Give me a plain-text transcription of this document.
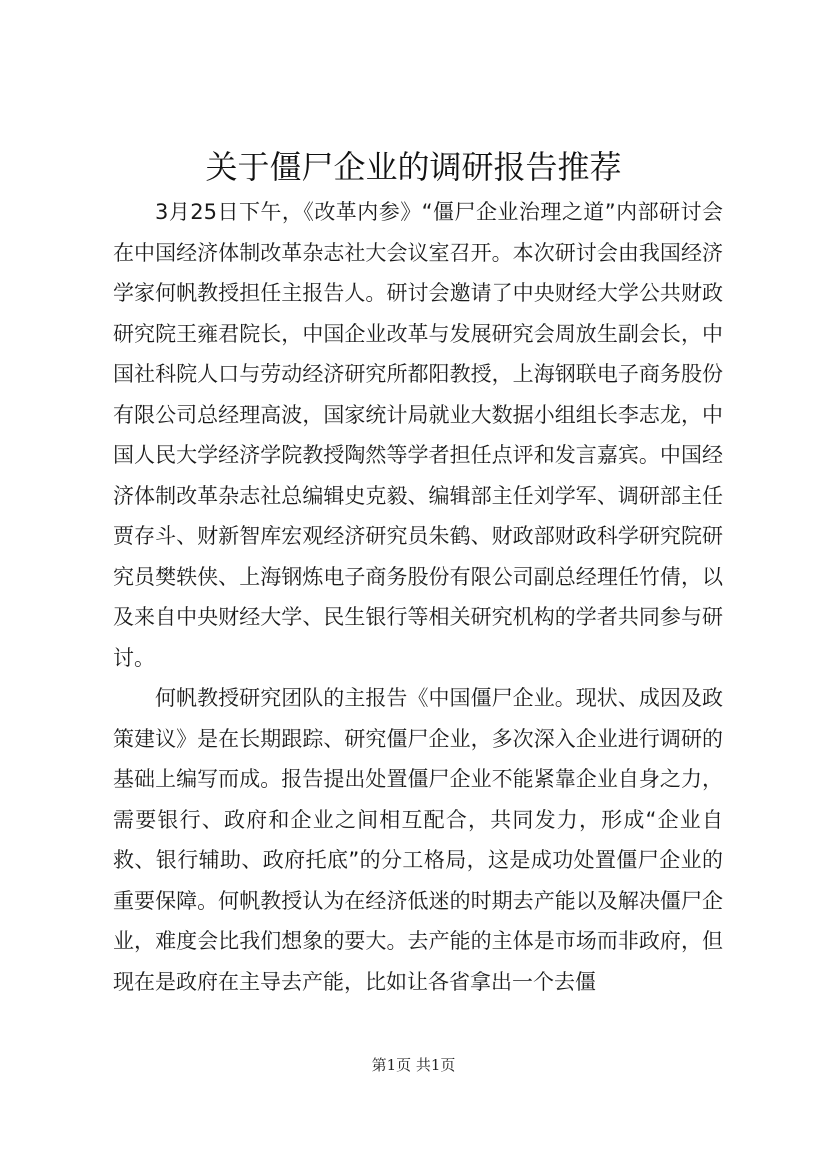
关于僵尸企业的调研报告推荐

3月25日下午，《改革内参》“僵尸企业治理之道”内部研讨会在中国经济体制改革杂志社大会议室召开。本次研讨会由我国经济学家何帆教授担任主报告人。研讨会邀请了中央财经大学公共财政研究院王雍君院长，中国企业改革与发展研究会周放生副会长，中国社科院人口与劳动经济研究所都阳教授，上海钢联电子商务股份有限公司总经理高波，国家统计局就业大数据小组组长李志龙，中国人民大学经济学院教授陶然等学者担任点评和发言嘉宾。中国经济体制改革杂志社总编辑史克毅、编辑部主任刘学军、调研部主任贾存斗、财新智库宏观经济研究员朱鹤、财政部财政科学研究院研究员樊轶侠、上海钢炼电子商务股份有限公司副总经理任竹倩，以及来自中央财经大学、民生银行等相关研究机构的学者共同参与研讨。

何帆教授研究团队的主报告《中国僵尸企业。现状、成因及政策建议》是在长期跟踪、研究僵尸企业，多次深入企业进行调研的基础上编写而成。报告提出处置僵尸企业不能紧靠企业自身之力，需要银行、政府和企业之间相互配合，共同发力，形成“企业自救、银行辅助、政府托底”的分工格局，这是成功处置僵尸企业的重要保障。何帆教授认为在经济低迷的时期去产能以及解决僵尸企业，难度会比我们想象的要大。去产能的主体是市场而非政府，但现在是政府在主导去产能，比如让各省拿出一个去僵

第1页 共1页
